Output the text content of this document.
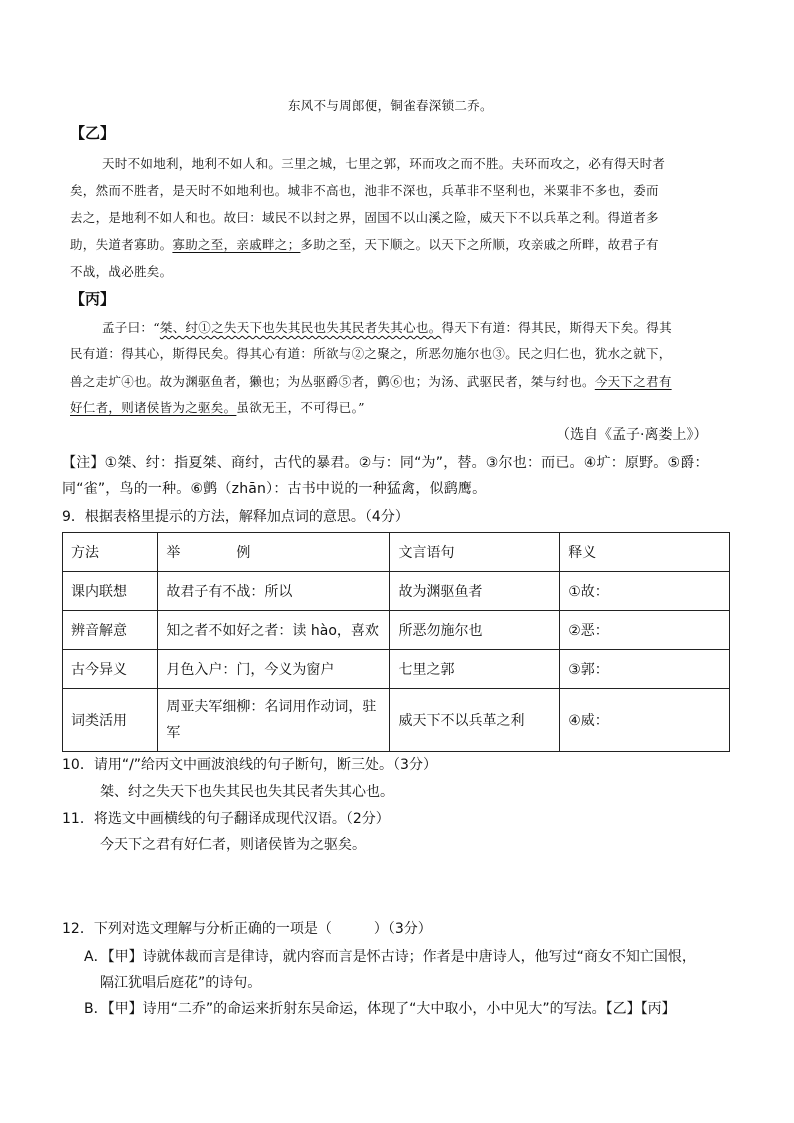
东风不与周郎便，铜雀春深锁二乔。
【乙】
天时不如地利，地利不如人和。三里之城，七里之郭，环而攻之而不胜。夫环而攻之，必有得天时者
矣，然而不胜者，是天时不如地利也。城非不高也，池非不深也，兵革非不坚利也，米粟非不多也，委而
去之，是地利不如人和也。故曰：域民不以封之界，固国不以山溪之险，威天下不以兵革之利。得道者多
助，失道者寡助。寡助之至，亲戚畔之；多助之至，天下顺之。以天下之所顺，攻亲戚之所畔，故君子有
不战，战必胜矣。
【丙】
孟子曰：“桀、纣①之失天下也失其民也失其民者失其心也。得天下有道：得其民，斯得天下矣。得其
民有道：得其心，斯得民矣。得其心有道：所欲与②之聚之，所恶勿施尔也③。民之归仁也，犹水之就下，
兽之走圹④也。故为渊驱鱼者，獭也；为丛驱爵⑤者，鹯⑥也；为汤、武驱民者，桀与纣也。今天下之君有
好仁者，则诸侯皆为之驱矣。虽欲无王，不可得已。”
（选自《孟子·离娄上》）
【注】①桀、纣：指夏桀、商纣，古代的暴君。②与：同“为”，替。③尔也：而已。④圹：原野。⑤爵：
同“雀”，鸟的一种。⑥鹯（zhān）：古书中说的一种猛禽，似鹞鹰。
9．根据表格里提示的方法，解释加点词的意思。（4分）
方法	举　　　　例	文言语句	释义
课内联想	故君子有不战：所以	故为渊驱鱼者	①故：
辨音解意	知之者不如好之者：读 hào，喜欢	所恶勿施尔也	②恶：
古今异义	月色入户：门，今义为窗户	七里之郭	③郭：
词类活用	周亚夫军细柳：名词用作动词，驻军	威天下不以兵革之利	④威：
10．请用“/”给丙文中画波浪线的句子断句，断三处。（3分）
桀、纣之失天下也失其民也失其民者失其心也。
11．将选文中画横线的句子翻译成现代汉语。（2分）
今天下之君有好仁者，则诸侯皆为之驱矣。
12．下列对选文理解与分析正确的一项是（　　　）（3分）
A．【甲】诗就体裁而言是律诗，就内容而言是怀古诗；作者是中唐诗人，他写过“商女不知亡国恨，
隔江犹唱后庭花”的诗句。
B．【甲】诗用“二乔”的命运来折射东吴命运，体现了“大中取小，小中见大”的写法。【乙】【丙】
